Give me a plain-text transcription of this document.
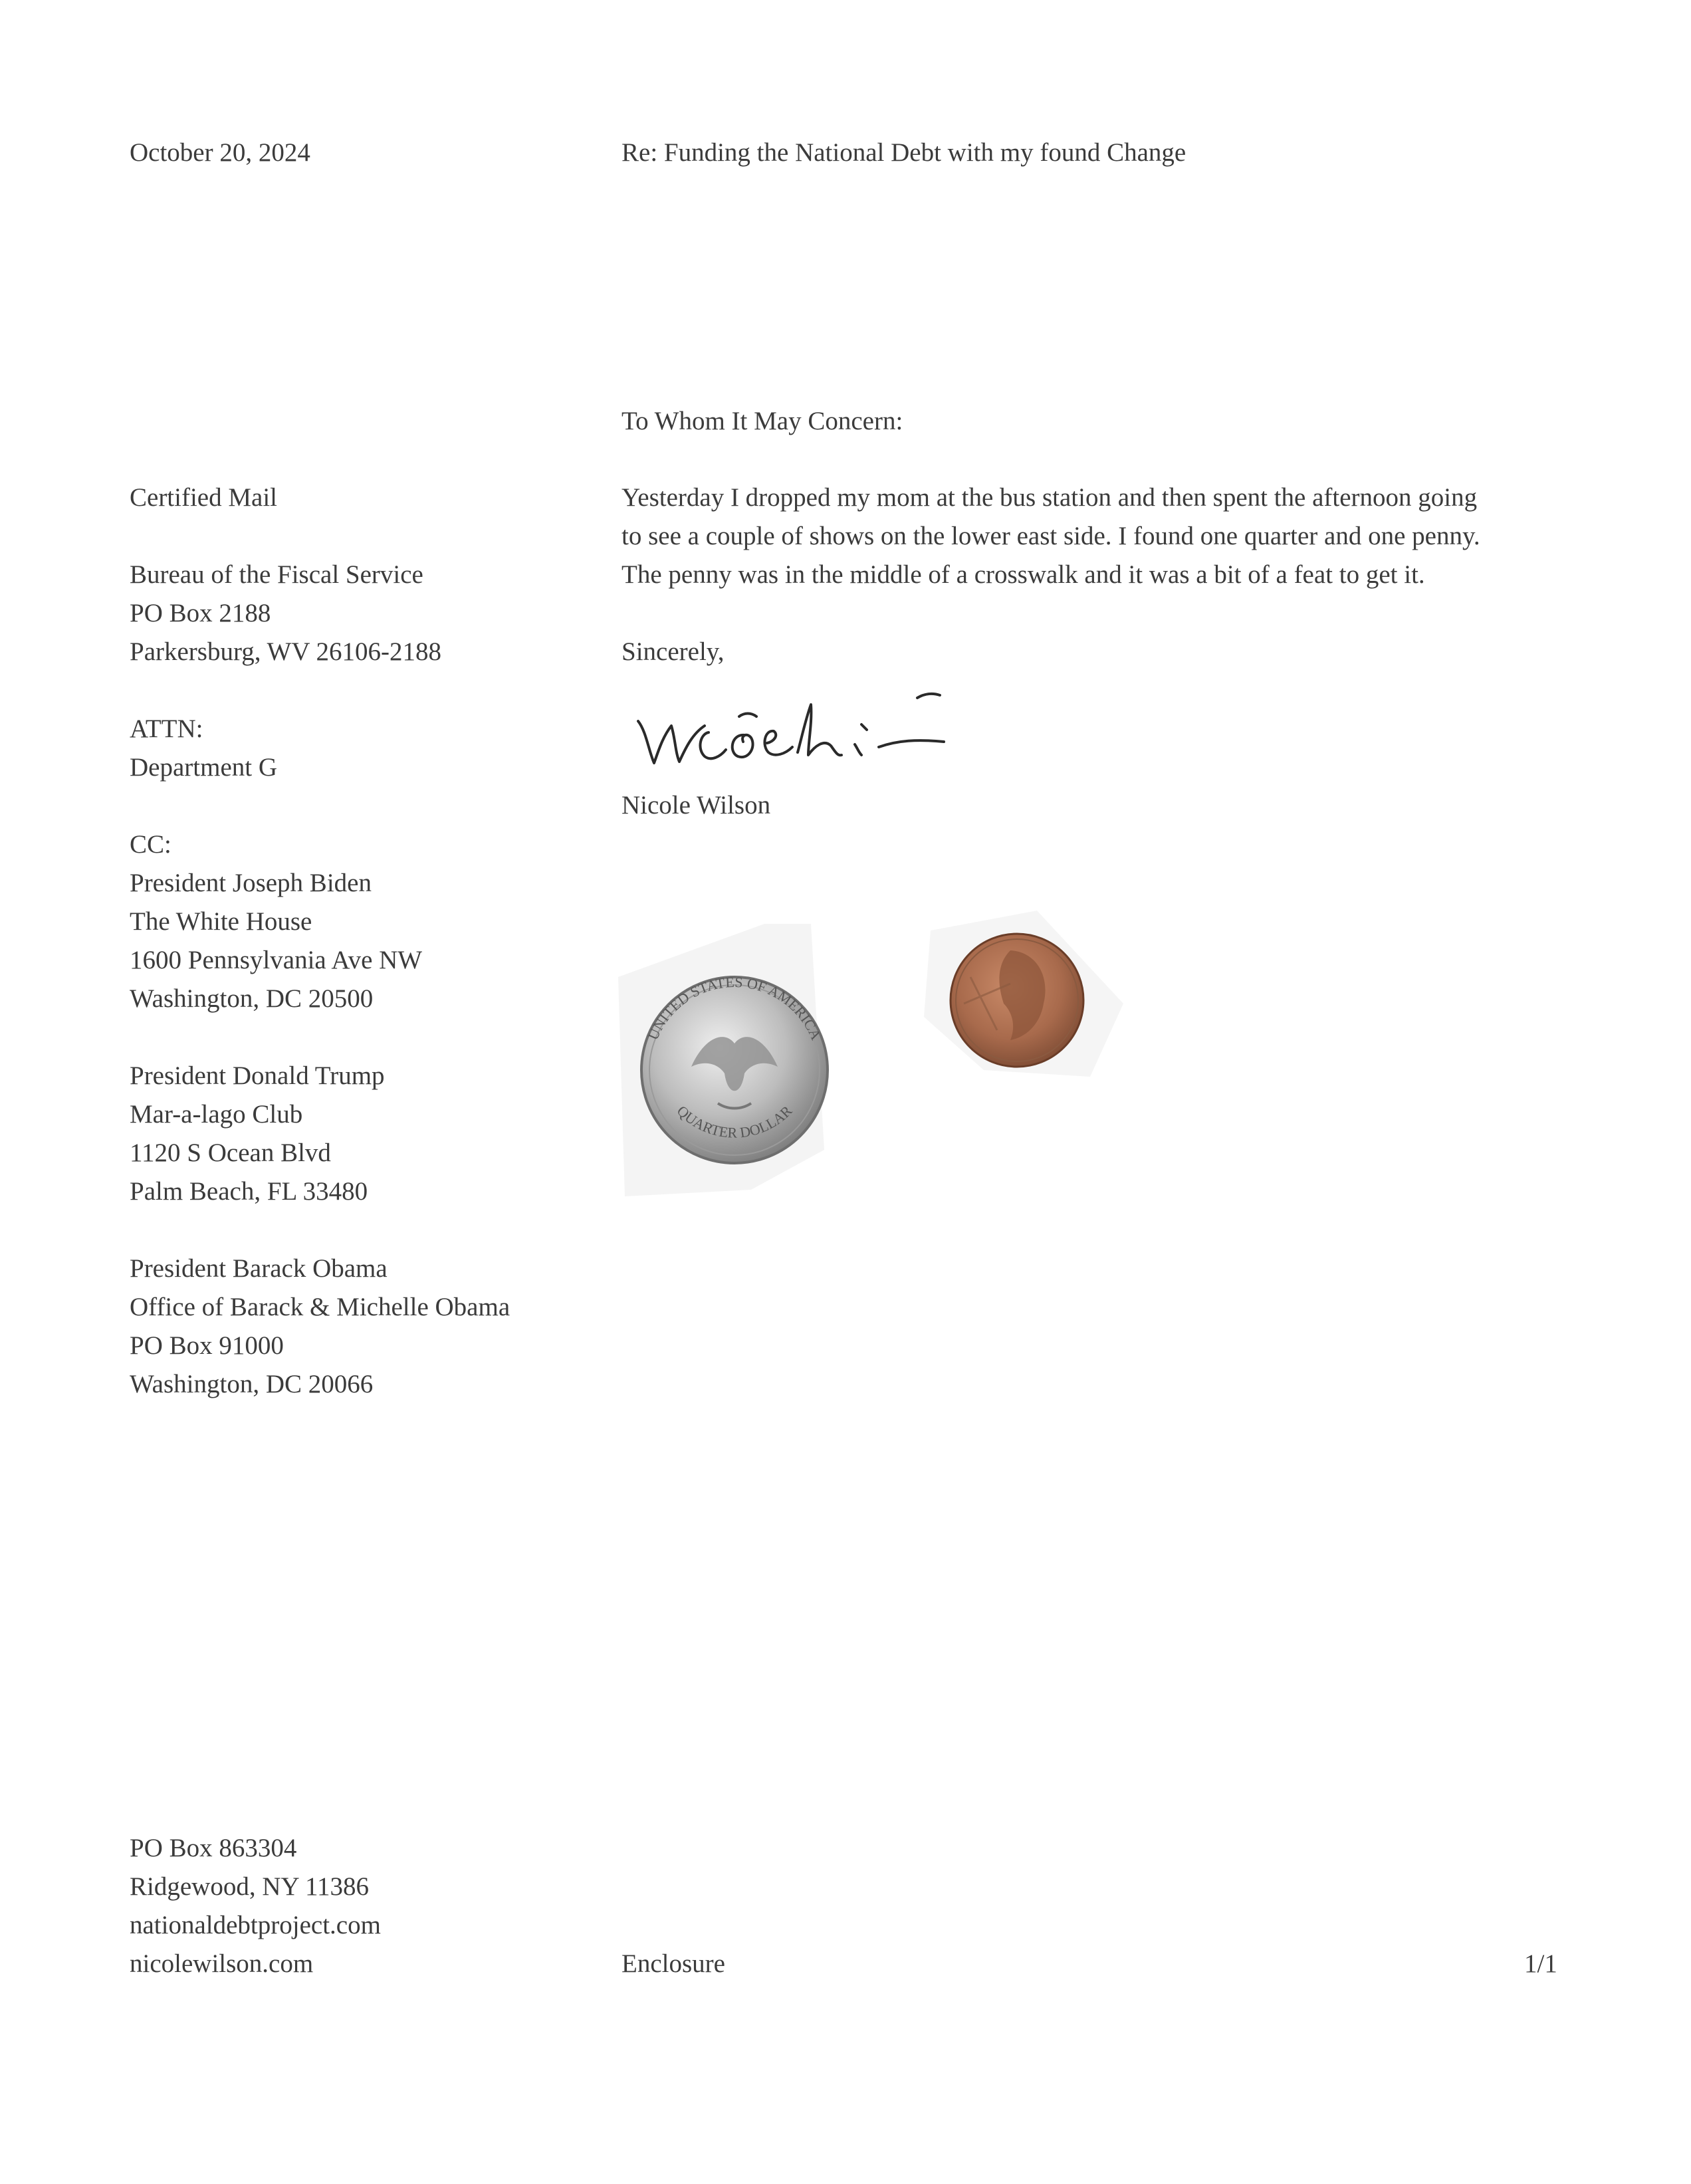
October 20, 2024	Re: Funding the National Debt with my found Change
To Whom It May Concern:
Certified Mail
Bureau of the Fiscal Service
PO Box 2188
Parkersburg, WV 26106-2188
ATTN:
Department G
CC:
President Joseph Biden
The White House
1600 Pennsylvania Ave NW
Washington, DC 20500
President Donald Trump
Mar-a-lago Club
1120 S Ocean Blvd
Palm Beach, FL 33480
President Barack Obama
Office of Barack & Michelle Obama
PO Box 91000
Washington, DC 20066
Yesterday I dropped my mom at the bus station and then spent the afternoon going
to see a couple of shows on the lower east side. I found one quarter and one penny.
The penny was in the middle of a crosswalk and it was a bit of a feat to get it.
Sincerely,
Nicole Wilson
UNITED STATES OF AMERICA
QUARTER DOLLAR
PO Box 863304
Ridgewood, NY 11386
nationaldebtproject.com
nicolewilson.com	Enclosure	1/1
